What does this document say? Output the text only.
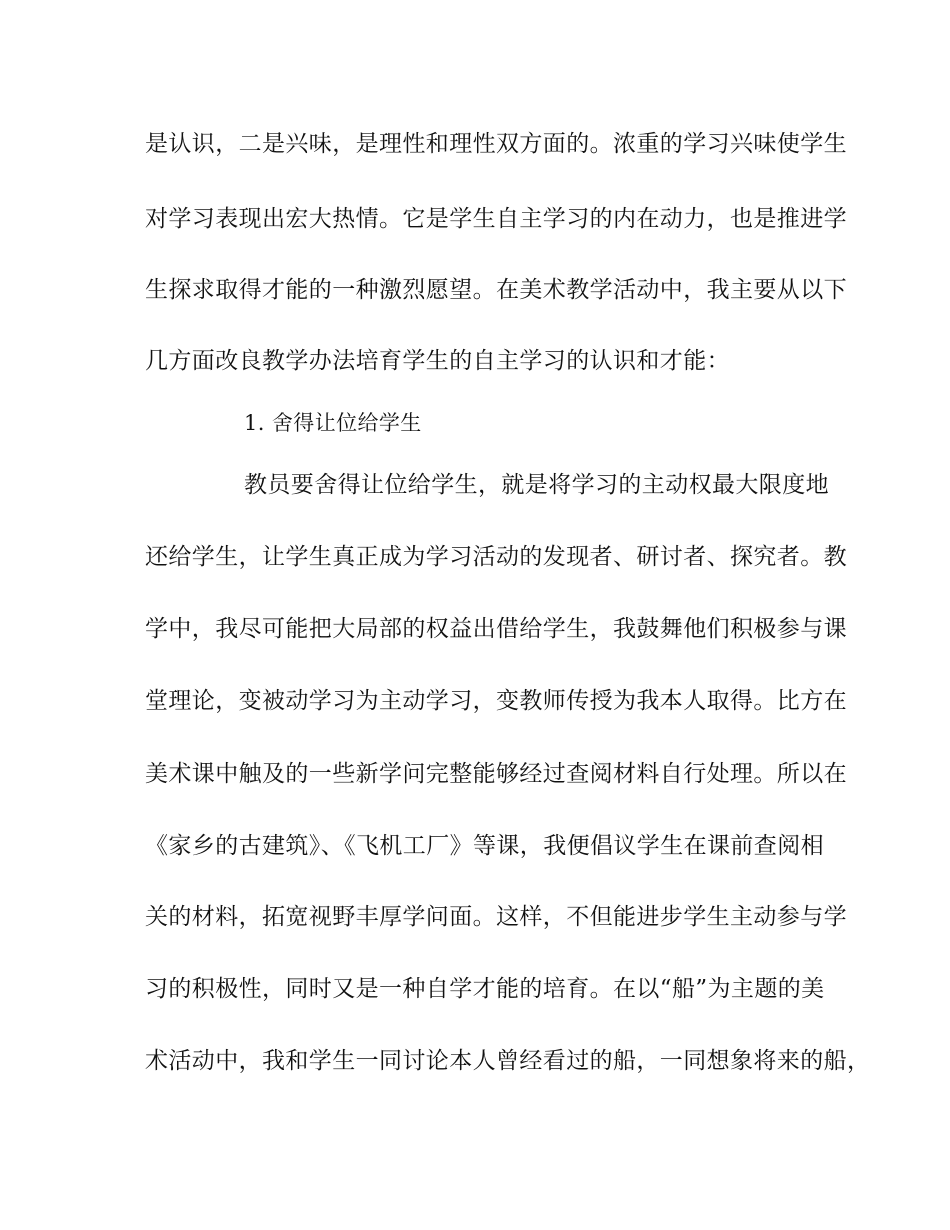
是认识，二是兴味，是理性和理性双方面的。浓重的学习兴味使学生
对学习表现出宏大热情。它是学生自主学习的内在动力，也是推进学
生探求取得才能的一种激烈愿望。在美术教学活动中，我主要从以下
几方面改良教学办法培育学生的自主学习的认识和才能：
1. 舍得让位给学生
教员要舍得让位给学生，就是将学习的主动权最大限度地
还给学生，让学生真正成为学习活动的发现者、研讨者、探究者。教
学中，我尽可能把大局部的权益出借给学生，我鼓舞他们积极参与课
堂理论，变被动学习为主动学习，变教师传授为我本人取得。比方在
美术课中触及的一些新学问完整能够经过查阅材料自行处理。所以在
《家乡的古建筑》、《飞机工厂》等课，我便倡议学生在课前查阅相
关的材料，拓宽视野丰厚学问面。这样，不但能进步学生主动参与学
习的积极性，同时又是一种自学才能的培育。在以“船”为主题的美
术活动中，我和学生一同讨论本人曾经看过的船，一同想象将来的船，
